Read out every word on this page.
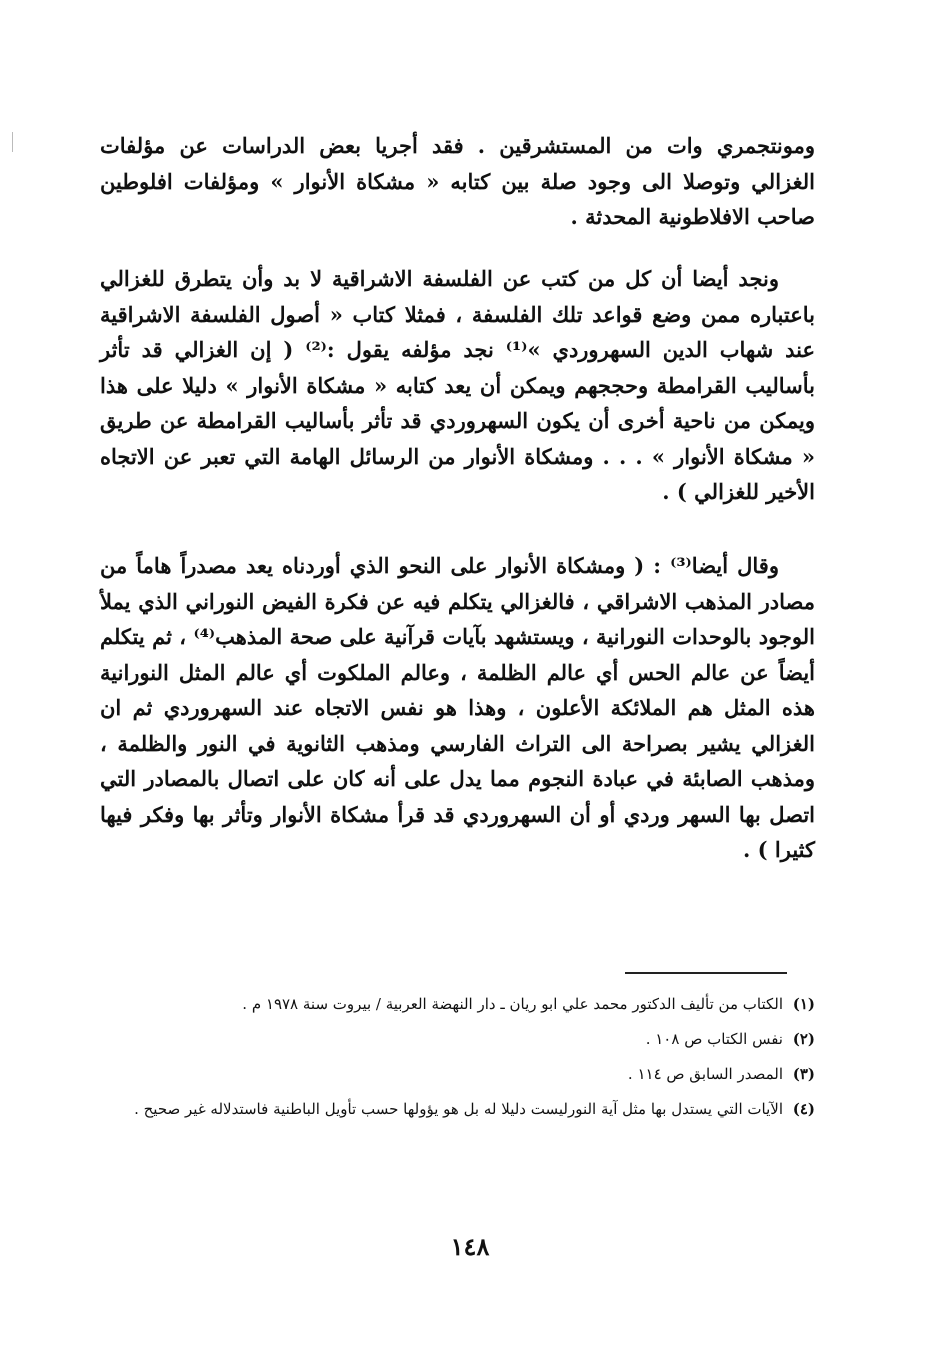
ومونتجمري وات من المستشرقين . فقد أجريا بعض الدراسات عن مؤلفات الغزالي وتوصلا الى وجود صلة بين كتابه « مشكاة الأنوار » ومؤلفات افلوطين صاحب الافلاطونية المحدثة .

ونجد أيضا أن كل من كتب عن الفلسفة الاشراقية لا بد وأن يتطرق للغزالي باعتباره ممن وضع قواعد تلك الفلسفة ، فمثلا كتاب « أصول الفلسفة الاشراقية عند شهاب الدين السهروردي »⁽¹⁾ نجد مؤلفه يقول :⁽²⁾ ( إن الغزالي قد تأثر بأساليب القرامطة وحججهم ويمكن أن يعد كتابه « مشكاة الأنوار » دليلا على هذا ويمكن من ناحية أخرى أن يكون السهروردي قد تأثر بأساليب القرامطة عن طريق « مشكاة الأنوار » . . . ومشكاة الأنوار من الرسائل الهامة التي تعبر عن الاتجاه الأخير للغزالي ) .

وقال أيضا⁽³⁾ : ( ومشكاة الأنوار على النحو الذي أوردناه يعد مصدراً هاماً من مصادر المذهب الاشراقي ، فالغزالي يتكلم فيه عن فكرة الفيض النوراني الذي يملأ الوجود بالوحدات النورانية ، ويستشهد بآيات قرآنية على صحة المذهب⁽⁴⁾ ، ثم يتكلم أيضاً عن عالم الحس أي عالم الظلمة ، وعالم الملكوت أي عالم المثل النورانية هذه المثل هم الملائكة الأعلون ، وهذا هو نفس الاتجاه عند السهروردي ثم ان الغزالي يشير بصراحة الى التراث الفارسي ومذهب الثانوية في النور والظلمة ، ومذهب الصابئة في عبادة النجوم مما يدل على أنه كان على اتصال بالمصادر التي اتصل بها السهر وردي أو أن السهروردي قد قرأ مشكاة الأنوار وتأثر بها وفكر فيها كثيرا ) .

(١)
الكتاب من تأليف الدكتور محمد علي ابو ريان ـ دار النهضة العربية / بيروت سنة ١٩٧٨ م .
(٢)
نفس الكتاب ص ١٠٨ .
(٣)
المصدر السابق ص ١١٤ .
(٤)
الآيات التي يستدل بها مثل آية النورليست دليلا له بل هو يؤولها حسب تأويل الباطنية فاستدلاله غير صحيح .
١٤٨
